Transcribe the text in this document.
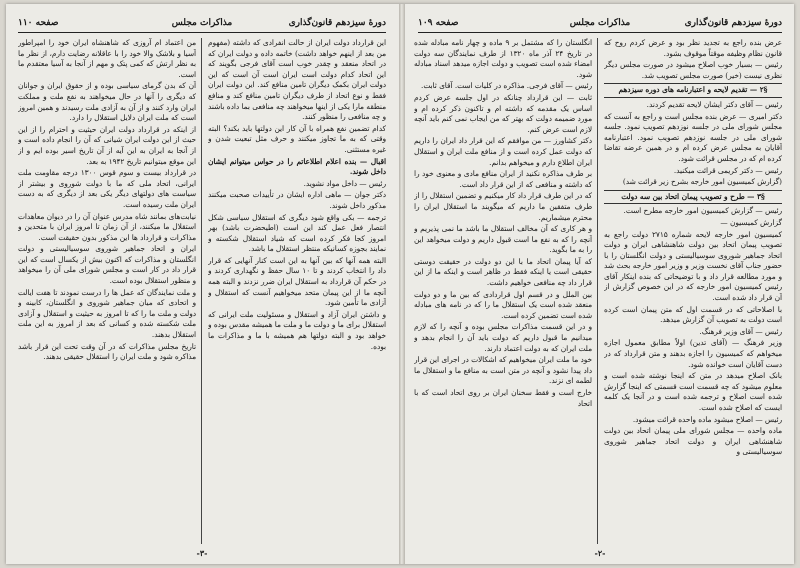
دورهٔ سیزدهم قانون‌گذاری
مذاکرات مجلس
صفحه ۱۱۰

این قرارداد دولت ایران از حالت انفرادی که داشته (مفهوم من بعد از اینهم خواهد داشت) خاتمه داده و دولت ایران که در اتحاد منعقد و چقدر خوب است آقای فرجی بگویند که این اتحاد کدام دولت است ایران است آن است که این دولت ایران بکمک دیگران تامین منافع کند. این دولت ایران فقط و نوع اتحاد از طرف دیگران تامین منافع کند و منافع منطقه مارا یکی از اینها میخواهند چه منافعی بما داده باشند و چه منافعی را منظور کنند.

کدام تضمین نفع همراه با آن کار این دولتها باید بکند؟ البته وقتی که به ما تجاوز میکنند و حرف مثل تبعیت شدن و غیره مستثنی.

اقبال — بنده اعلام اطلاعاتم را در حواس میتوانم ایشان داخل شوند.

رئیس — داخل مواد نشوید.

دکتر جوان — ماهی اداره ایشان در تأییدات صحبت میکنند مذکور داخل شوند.

ترجمه — بکی واقع شود دیگری که استقلال سیاسی شکل انتصار فعل عمل کند این است (اطیحضرت باشد) بهر امروز کجا فکر کرده است که شیاد استقلال شکسته و نمایند بجوزه کسانیکه منتظر استقلال ما باشد.

البته همه آنها که بین آنها به این است کنار آنهایی که قرار داد را انتخاب کردند و تا ۱۰ سال حفظ و نگهداری کردند و در حکم آن قرارداد به استقلال ایران ضرر نزدند و البته همه آنچه ما از این پیمان متحد میخواهیم آنست که استقلال و آزادی ما تأمین شود.

و داشتن ایران آزاد و استقلال و مسئولیت ملت ایرانی که استقلال برای ما و دولت ما و ملت ما همیشه مقدس بوده و خواهد بود و البته دولتها هم همیشه با ما و مذاکرات ما بوده.

من اعتماد ام آروزی که شاهنشاه ایران خود را امپراطور آسیا و بلاشک والا خود را با عاقلانه رضایت دارم، از نظر ما به نظر ارتش که کمی پتک و مهم از آنجا به آسیا معتقدم ما است.

آن که بدن گرمای سیاسی بوده و از حقوق ایران و جوانان که دیگری را آنها در حال میخواهند به نفع ملت و مملکت ایران وارد کنند و از آن به آزادی ملت رسیدند و همین امروز است که ملت ایران دلایل استقلال را دارد.

از اینکه در قرارداد دولت ایران حیثیت و احترام را از این حیث از این دولت ایران شیانی که آن را انجام داده است و از آنجا به ایران به این آیه از آن تاریخ اسیر بوده ایم و از این موقع میتوانیم تاریخ ۱۹۴۲ به بعد.

در قرارداد بیست و سوم قوس ۱۳۰۰ درجه مقاومت ملت ایرانی، اتحاد ملی که ما با دولت شوروی و بیشتر از سیاست های دولتهای دیگر یکی بعد از دیگری که به دست ایران ملت رسیده است.

نیابت‌های بمانند شاه مدرس عنوان آن را در دیوان معاهدات استقلال ما میکنند، از آن زمان تا امروز ایران با متحدین و مذاکرات و قرارداد ها این مذکور بدون حقیقت است.

ایران و اتحاد جماهیر شوروی سوسیالیستی و دولت انگلستان و مذاکرات که اکنون بیش از یکسال است که این قرار داد در کار است و مجلس شورای ملی آن را میخواهد و منظور استقلال بوده است.

و ملت نمایندگان که عمل ها را درست نمودند تا هفت ایالت و اتحادی که میان جماهیر شوروی و انگلستان، کابینه و دولت و ملت ما را که تا امروز به حیثیت و استقلال و آزادی ملت شکسته شده و کسانی که بعد از امروز به این ملت استقلال بدهند.

تاریخ مجلس مذاکرات که در آن وقت تحت این قرار باشد مذاکره شود و ملت ایران را استقلال حقیقی بدهند.

-۳-
دورهٔ سیزدهم قانون‌گذاری
مذاکرات مجلس
صفحه ۱۰۹

عرض بنده راجع به تجدید نظر بود و عرض کردم روح که قانون نظام وظیفه موقتاً موقوف بشود.

رئیس — بسیار خوب اصلاح میشود در صورت مجلس دیگر نظری نیست (خیر) صورت مجلس تصویب شد.

§۲ — تقدیم لایحه و اعتبارنامه های دوره سیزدهم

رئیس — آقای دکتر ایشان لایحه تقدیم کردند.

دکتر امیری — عرض بنده مجلس است و راجع به آنست که مجلس شورای ملی در جلسه نوزدهم تصویب نمود. جلسه شورای ملی در جلسه نوزدهم تصویب نمود. اعتبارنامه آقایان به مجلس عرض کرده ام و در همین عرضه تقاضا کرده ام که در مجلس قرائت شود.

رئیس — دکتر کریمی قرائت میکنید.

(گزارش کمیسیون امور خارجه بشرح زیر قرائت شد)

§۳ — طرح و تصویب پیمان اتحاد بین سه دولت

رئیس — گزارش کمیسیون امور خارجه مطرح است.

گزارش کمیسیون —

کمیسیون امور خارجه لایحه شماره ۲۷۱۵ دولت راجع به تصویب پیمان اتحاد بین دولت شاهنشاهی ایران و دولت اتحاد جماهیر شوروی سوسیالیستی و دولت انگلستان را با حضور جناب آقای نخست وزیر و وزیر امور خارجه بحث شد و مورد مطالعه قرار داد و با توضیحاتی که بنده اینکار آقای رئیس کمیسیون امور خارجه که در این خصوص گزارش از آن قرار داد شده است.

با اصلاحاتی که در قسمت اول که متن پیمان است کرده است دولت به تصویب آن گزارش میدهد.

رئیس — آقای وزیر فرهنگ.

وزیر فرهنگ — (آقای تدین) اولاً مطابق معمول اجازه میخواهم که کمیسیون را اجازه بدهند و متن قرارداد که در دست آقایان است خوانده شود.

بانک اصلاح میدهد در متن که اینجا نوشته شده است و معلوم میشود که چه قسمت است قسمتی که اینجا گزارش شده است اصلاح و ترجمه شده است و در آنجا یک کلمه ایست که اصلاح شده است.

رئیس — اصلاح میشود ماده واحده قرائت میشود.

ماده واحده — مجلس شورای ملی پیمان اتحاد بین دولت شاهنشاهی ایران و دولت اتحاد جماهیر شوروی سوسیالیستی و

انگلستان را که مشتمل بر ۹ ماده و چهار نامه مبادله شده در تاریخ ۲۴ آذر ماه ۱۳۲۰ از طرف نمایندگان سه دولت امضاء شده است تصویب و دولت اجازه میدهد اسناد مبادله شود.

رئیس — آقای فرجی. مذاکره در کلیات است. آقای ثابت.

ثابت — این قرارداد چنانکه در اول جلسه عرض کردم اساس یک مقدمه که داشته ام و تاکنون ذکر کرده ام و مورد ضمیمه دولت که بهتر که من ایجاب نمی کنم باید آنچه لازم است عرض کنم.

دکتر کشاورز — من موافقم که این قرار داد ایران را داریم که دولت عمل کرده است و از منافع ملت ایران و استقلال ایران اطلاع دارم و میخواهم بدانم.

بر طرف مذاکره نکنید از ایران منافع مادی و معنوی خود را که داشته و منافعی که از این قرار داد است.

که در این طرف قرار داد کار میکنیم و تضمین استقلال را از طرف متفقین ما داریم که میگویند ما استقلال ایران را محترم میشماریم.

و هر کاری که آن مخالف استقلال ما باشد ما نمی پذیریم و آنچه را که به نفع ما است قبول داریم و دولت میخواهد این را به ما بگوید.

که آیا پیمان اتحاد ما با این دو دولت در حقیقت دوستی حقیقی است یا اینکه فقط در ظاهر است و اینکه ما از این قرار داد چه منافعی خواهیم داشت.

بین الملل و در قسم اول قراردادی که بین ما و دو دولت منعقد شده است یک استقلال ما را که در نامه های مبادله شده است تضمین کرده است.

و در این قسمت مذاکرات مجلس بوده و آنچه را که لازم میدانیم ما قبول داریم که دولت باید آن را انجام بدهد و ملت ایران که به دولت اعتماد دارند.

خود ما ملت ایران میخواهیم که اشکالات در اجرای این قرار داد پیدا نشود و آنچه در متن است به منافع ما و استقلال ما لطمه ای نزند.

خارج است و فقط سخنان ایران بر روی اتحاد است که با اتحاد

-۲-
